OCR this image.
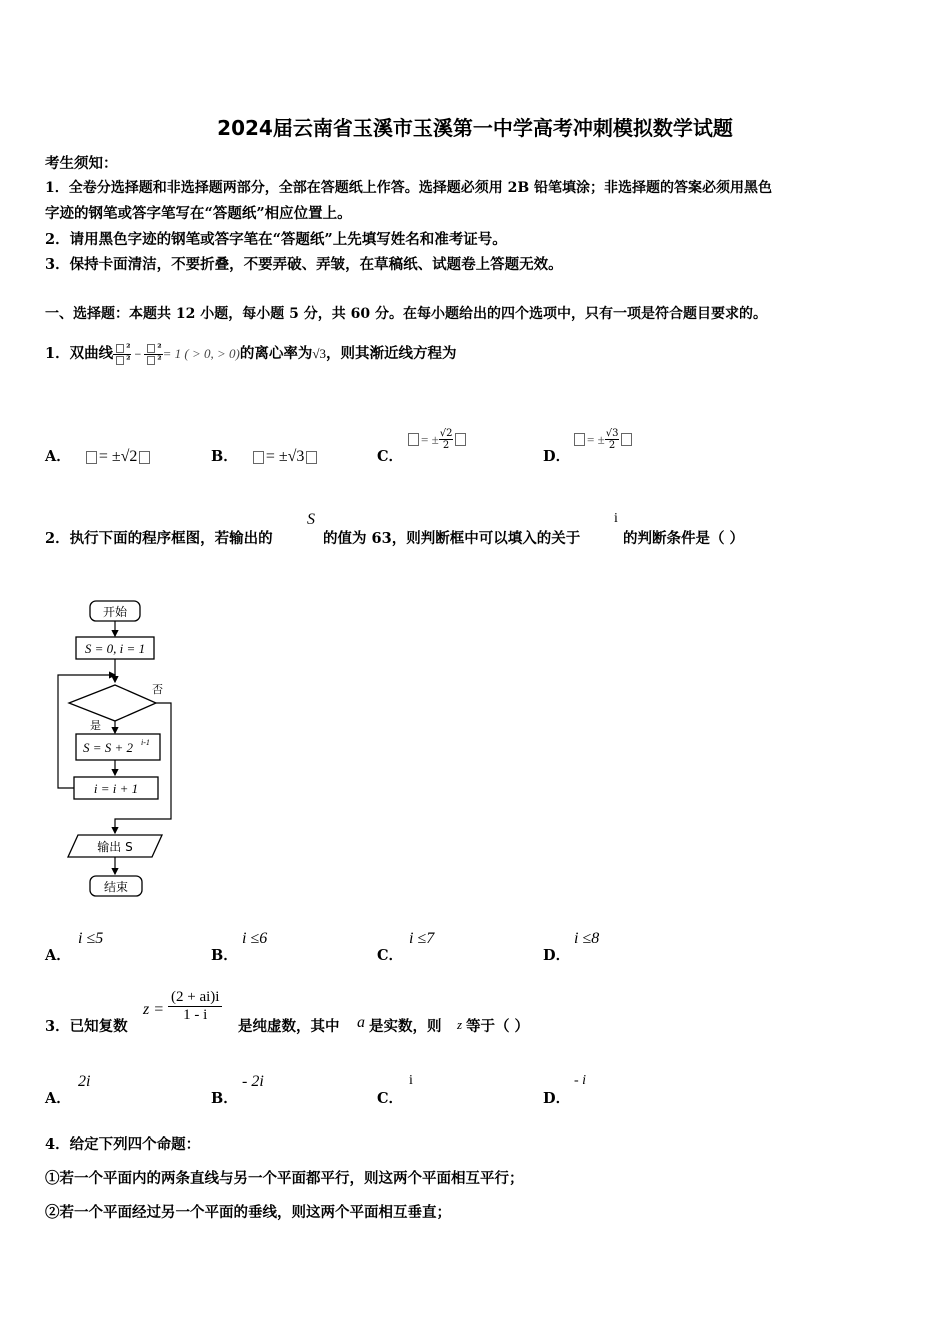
2024届云南省玉溪市玉溪第一中学高考冲刺模拟数学试题
考生须知：
1．全卷分选择题和非选择题两部分，全部在答题纸上作答。选择题必须用 2B 铅笔填涂；非选择题的答案必须用黑色
字迹的钢笔或答字笔写在“答题纸”相应位置上。
2．请用黑色字迹的钢笔或答字笔在“答题纸”上先填写姓名和准考证号。
3．保持卡面清洁，不要折叠，不要弄破、弄皱，在草稿纸、试题卷上答题无效。
一、选择题：本题共 12 小题，每小题 5 分，共 60 分。在每小题给出的四个选项中，只有一项是符合题目要求的。
1．双曲线 $\frac{\text{²}}{\text{²}} - \frac{\text{²}}{\text{²}} = 1$ ( > 0, > 0)的离心率为√3，则其渐近线方程为
A． = ±√2	B． = ±√3	C．
= ± $\frac{√2}{2}$
D．
= ± $\frac{√3}{2}$
2．执行下面的程序框图，若输出的
S
的值为 63，则判断框中可以填入的关于
i
的判断条件是（ ）
开始
S = 0, i = 1
否
是
S = S + 2 i-1
i = i + 1
输出 S
结束
A．
i ≤5
B．
i ≤6
C．
i ≤7
D．
i ≤8
3．已知复数
$z = \frac{(2 + ai)i}{1 - i}$
是纯虚数，其中 a 是实数，则 z 等于（ ）
A．
2i
B．
- 2i
C．
i
D．
- i
4．给定下列四个命题：
①若一个平面内的两条直线与另一个平面都平行，则这两个平面相互平行；
②若一个平面经过另一个平面的垂线，则这两个平面相互垂直；
